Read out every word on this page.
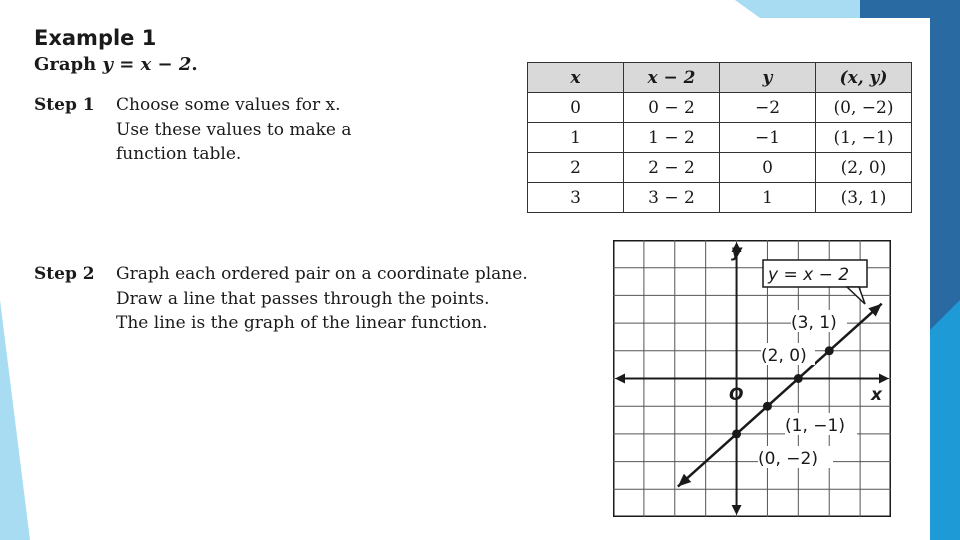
Example 1
Graph y = x − 2.
Step 1 Choose some values for x.
Use these values to make a
function table.
Step 2 Graph each ordered pair on a coordinate plane.
Draw a line that passes through the points.
The line is the graph of the linear function.
x	x − 2	y	(x, y)
0	0 − 2	−2	(0, −2)
1	1 − 2	−1	(1, −1)
2	2 − 2	0	(2, 0)
3	3 − 2	1	(3, 1)
y
x
O
y = x − 2
(3, 1)
(2, 0)
(1, −1)
(0, −2)
